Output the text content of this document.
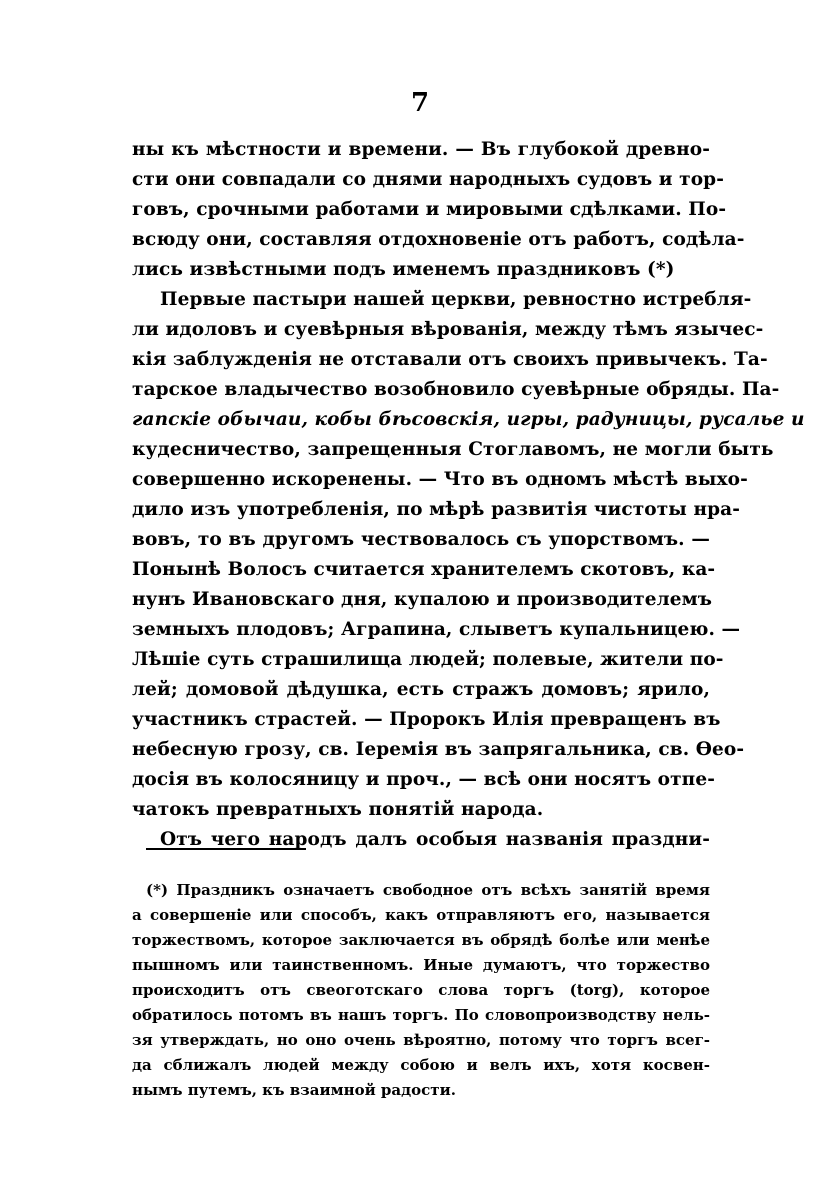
7
ны къ мѣстности и времени. — Въ глубокой древно-
сти они совпадали со днями народныхъ судовъ и тор-
говъ, срочными работами и мировыми сдѣлками. По-
всюду они, составляя отдохновеніе отъ работъ, содѣла-
лись извѣстными подъ именемъ праздниковъ (*)
Первые пастыри нашей церкви, ревностно истребля-
ли идоловъ и суевѣрныя вѣрованія, между тѣмъ язычес-
кія заблужденія не отставали отъ своихъ привычекъ. Та-
тарское владычество возобновило суевѣрные обряды. Па-
гапскіе обычаи, кобы бѣсовскія, игры, радуницы, русалье и
кудесничество, запрещенныя Стоглавомъ, не могли быть
совершенно искоренены. — Что въ одномъ мѣстѣ выхо-
дило изъ употребленія, по мѣрѣ развитія чистоты нра-
вовъ, то въ другомъ чествовалось съ упорствомъ. —
Понынѣ Волосъ считается хранителемъ скотовъ, ка-
нунъ Ивановскаго дня, купалою и производителемъ
земныхъ плодовъ; Аграпина, слыветъ купальницею. —
Лѣшіе суть страшилища людей; полевые, жители по-
лей; домовой дѣдушка, есть стражъ домовъ; ярило,
участникъ страстей. — Пророкъ Илія превращенъ въ
небесную грозу, св. Іеремія въ запрягальника, св. Ѳео-
досія въ колосяницу и проч., — всѣ они носятъ отпе-
чатокъ превратныхъ понятій народа.
Отъ чего народъ далъ особыя названія праздни-
(*) Праздникъ означаетъ свободное отъ всѣхъ занятій время
а совершеніе или способъ, какъ отправляютъ его, называется
торжествомъ, которое заключается въ обрядѣ болѣе или менѣе
пышномъ или таинственномъ. Иные думаютъ, что торжество
происходитъ отъ свеоготскаго слова торгъ (torg), которое
обратилось потомъ въ нашъ торгъ. По словопроизводству нель-
зя утверждать, но оно очень вѣроятно, потому что торгъ всег-
да сближалъ людей между собою и велъ ихъ, хотя косвен-
нымъ путемъ, къ взаимной радости.
